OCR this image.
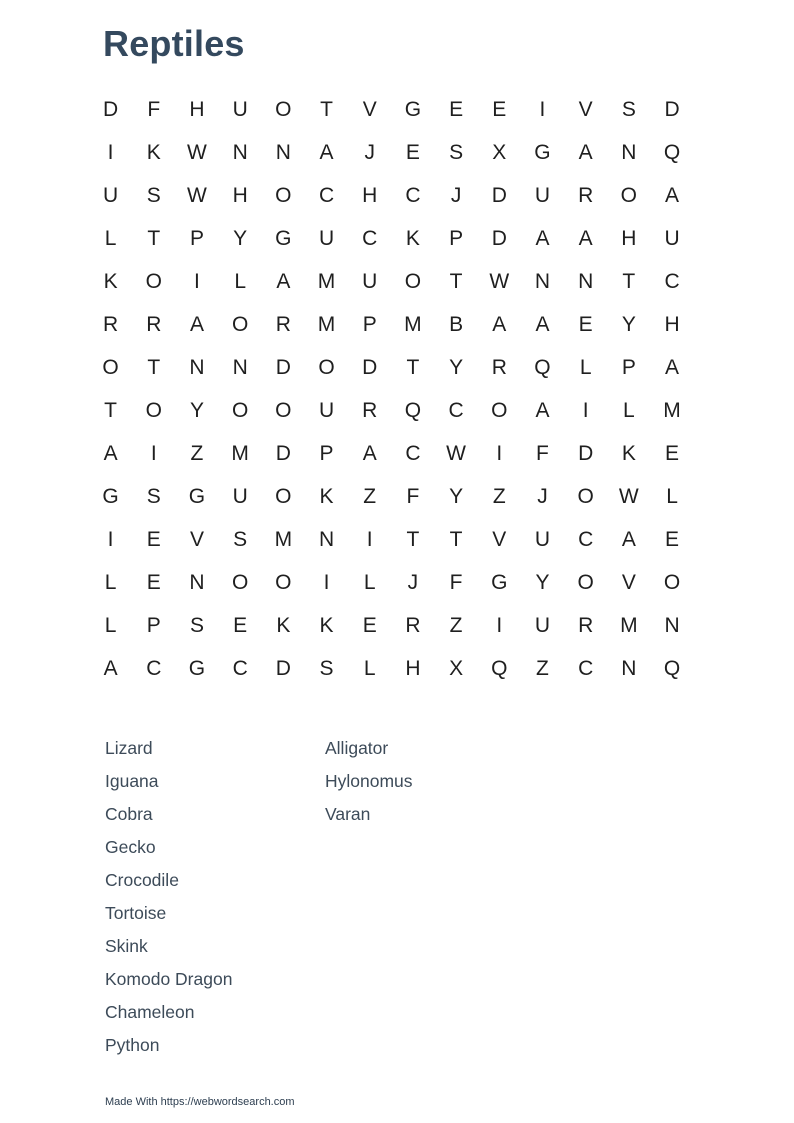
Reptiles
D	F	H	U	O	T	V	G	E	E	I	V	S	D
I	K	W	N	N	A	J	E	S	X	G	A	N	Q
U	S	W	H	O	C	H	C	J	D	U	R	O	A
L	T	P	Y	G	U	C	K	P	D	A	A	H	U
K	O	I	L	A	M	U	O	T	W	N	N	T	C
R	R	A	O	R	M	P	M	B	A	A	E	Y	H
O	T	N	N	D	O	D	T	Y	R	Q	L	P	A
T	O	Y	O	O	U	R	Q	C	O	A	I	L	M
A	I	Z	M	D	P	A	C	W	I	F	D	K	E
G	S	G	U	O	K	Z	F	Y	Z	J	O	W	L
I	E	V	S	M	N	I	T	T	V	U	C	A	E
L	E	N	O	O	I	L	J	F	G	Y	O	V	O
L	P	S	E	K	K	E	R	Z	I	U	R	M	N
A	C	G	C	D	S	L	H	X	Q	Z	C	N	Q
Lizard
Iguana
Cobra
Gecko
Crocodile
Tortoise
Skink
Komodo Dragon
Chameleon
Python
Alligator
Hylonomus
Varan
Made With https://webwordsearch.com
